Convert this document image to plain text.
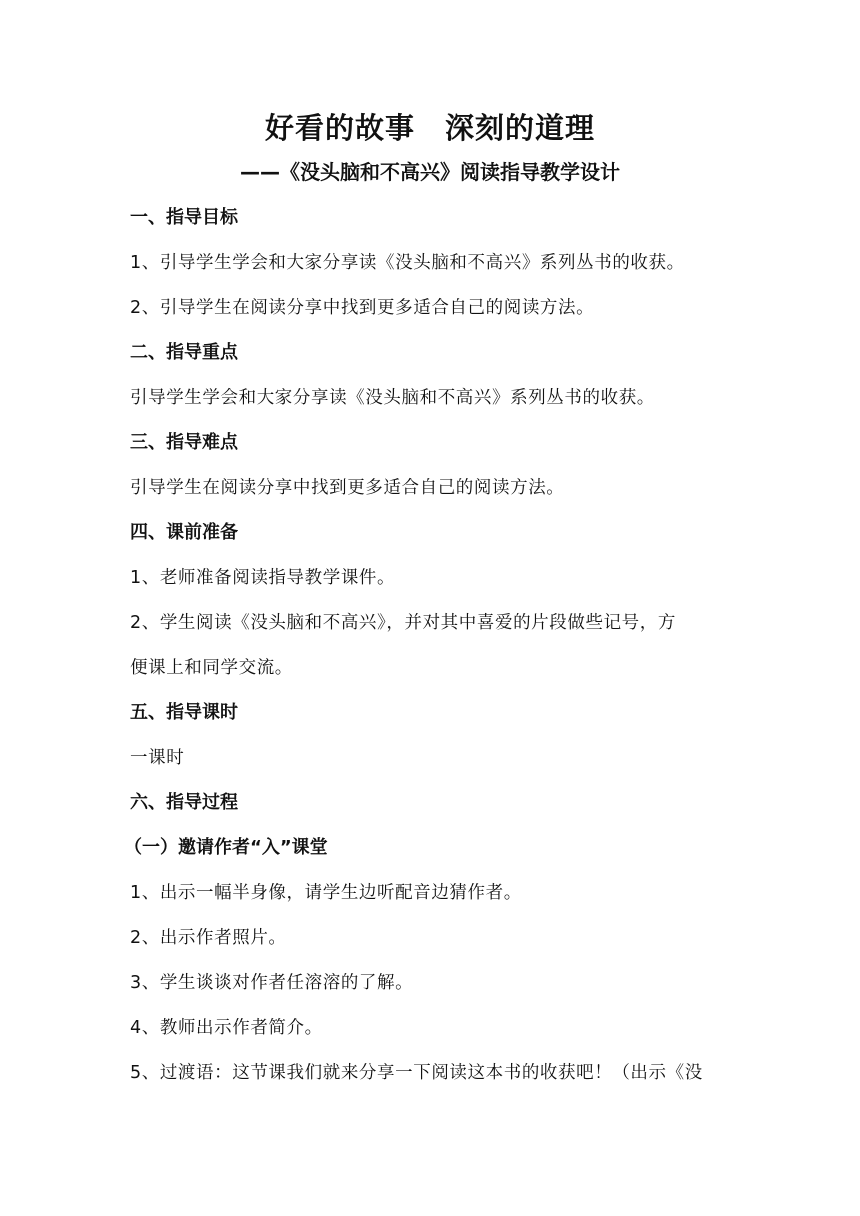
好看的故事　深刻的道理
——《没头脑和不高兴》阅读指导教学设计
一、指导目标
1、引导学生学会和大家分享读《没头脑和不高兴》系列丛书的收获。
2、引导学生在阅读分享中找到更多适合自己的阅读方法。
二、指导重点
引导学生学会和大家分享读《没头脑和不高兴》系列丛书的收获。
三、指导难点
引导学生在阅读分享中找到更多适合自己的阅读方法。
四、课前准备
1、老师准备阅读指导教学课件。
2、学生阅读《没头脑和不高兴》，并对其中喜爱的片段做些记号，方
便课上和同学交流。
五、指导课时
一课时
六、指导过程
（一）邀请作者“入”课堂
1、出示一幅半身像，请学生边听配音边猜作者。
2、出示作者照片。
3、学生谈谈对作者任溶溶的了解。
4、教师出示作者简介。
5、过渡语：这节课我们就来分享一下阅读这本书的收获吧！（出示《没
